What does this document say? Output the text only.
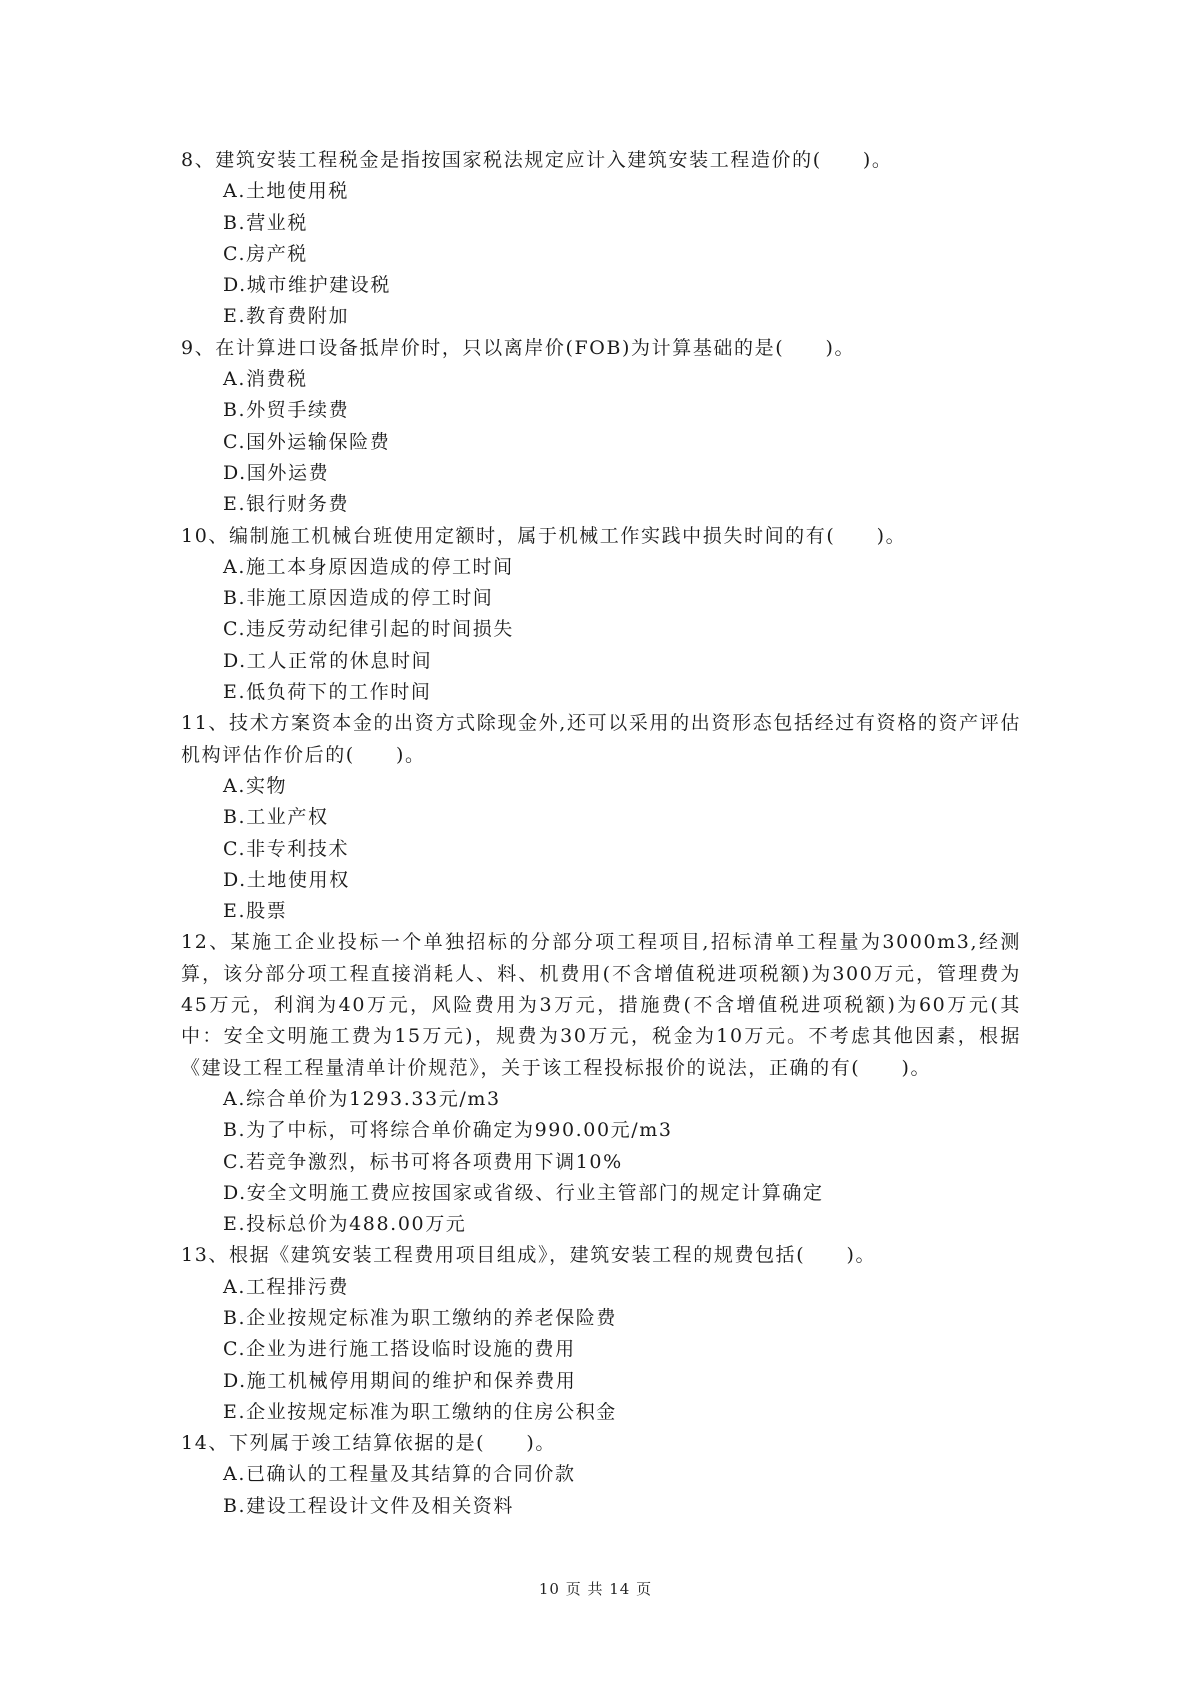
8、建筑安装工程税金是指按国家税法规定应计入建筑安装工程造价的(　　)。

A.土地使用税
B.营业税
C.房产税
D.城市维护建设税
E.教育费附加

9、在计算进口设备抵岸价时，只以离岸价(FOB)为计算基础的是(　　)。

A.消费税
B.外贸手续费
C.国外运输保险费
D.国外运费
E.银行财务费

10、编制施工机械台班使用定额时，属于机械工作实践中损失时间的有(　　)。

A.施工本身原因造成的停工时间
B.非施工原因造成的停工时间
C.违反劳动纪律引起的时间损失
D.工人正常的休息时间
E.低负荷下的工作时间

11、技术方案资本金的出资方式除现金外,还可以采用的出资形态包括经过有资格的资产评估机构评估作价后的(　　)。

A.实物
B.工业产权
C.非专利技术
D.土地使用权
E.股票

12、某施工企业投标一个单独招标的分部分项工程项目,招标清单工程量为3000m3,经测算，该分部分项工程直接消耗人、料、机费用(不含增值税进项税额)为300万元，管理费为45万元，利润为40万元，风险费用为3万元，措施费(不含增值税进项税额)为60万元(其中：安全文明施工费为15万元)，规费为30万元，税金为10万元。不考虑其他因素，根据《建设工程工程量清单计价规范》，关于该工程投标报价的说法，正确的有(　　)。

A.综合单价为1293.33元/m3
B.为了中标，可将综合单价确定为990.00元/m3
C.若竞争激烈，标书可将各项费用下调10%
D.安全文明施工费应按国家或省级、行业主管部门的规定计算确定
E.投标总价为488.00万元

13、根据《建筑安装工程费用项目组成》，建筑安装工程的规费包括(　　)。

A.工程排污费
B.企业按规定标准为职工缴纳的养老保险费
C.企业为进行施工搭设临时设施的费用
D.施工机械停用期间的维护和保养费用
E.企业按规定标准为职工缴纳的住房公积金

14、下列属于竣工结算依据的是(　　)。

A.已确认的工程量及其结算的合同价款
B.建设工程设计文件及相关资料
10 页 共 14 页
